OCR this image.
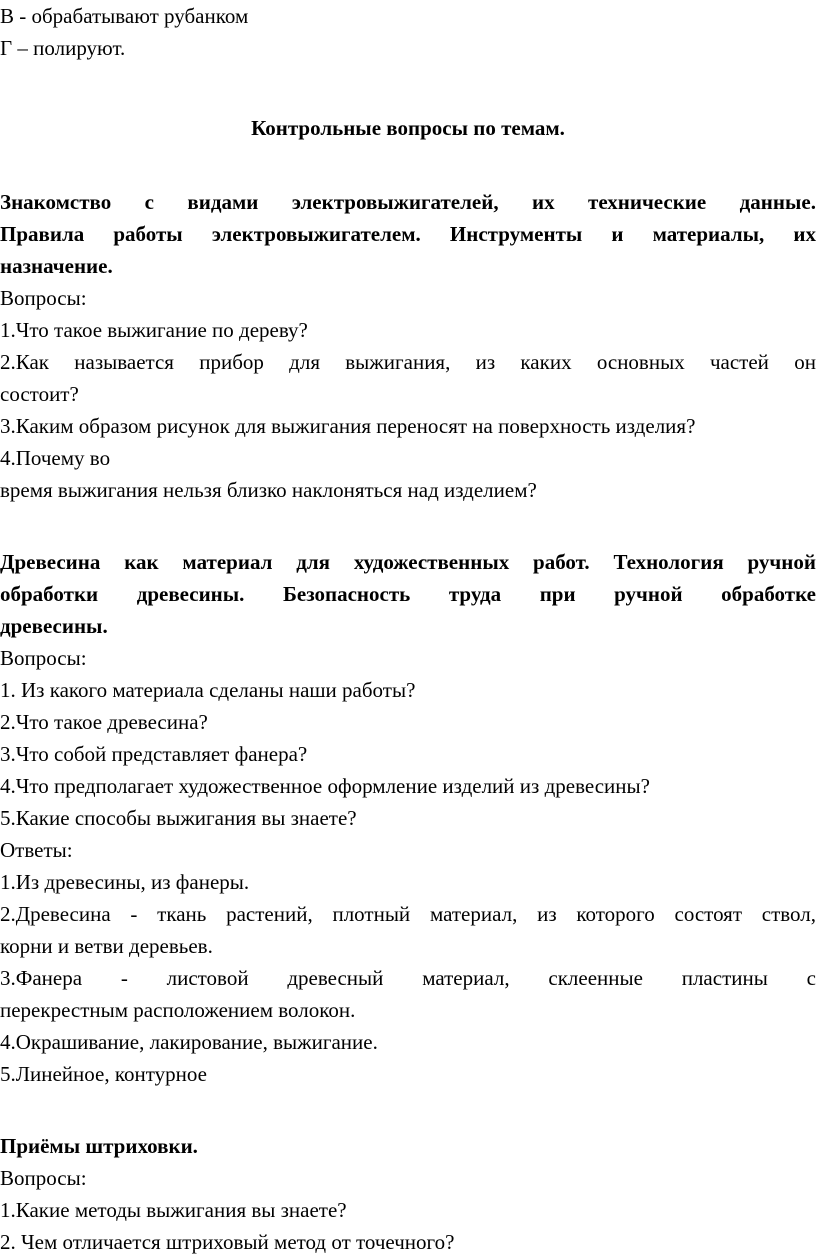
В - обрабатывают рубанком
Г – полируют.
Контрольные вопросы по темам.
Знакомство с видами электровыжигателей, их технические данные.
Правила работы электровыжигателем. Инструменты и материалы, их
назначение.
Вопросы:
1.Что такое выжигание по дереву?
2.Как называется прибор для выжигания, из каких основных частей он
состоит?
3.Каким образом рисунок для выжигания переносят на поверхность изделия?
4.Почему во
время выжигания нельзя близко наклоняться над изделием?
Древесина как материал для художественных работ. Технология ручной
обработки древесины. Безопасность труда при ручной обработке
древесины.
Вопросы:
1. Из какого материала сделаны наши работы?
2.Что такое древесина?
3.Что собой представляет фанера?
4.Что предполагает художественное оформление изделий из древесины?
5.Какие способы выжигания вы знаете?
Ответы:
1.Из древесины, из фанеры.
2.Древесина - ткань растений, плотный материал, из которого состоят ствол,
корни и ветви деревьев.
3.Фанера - листовой древесный материал, склеенные пластины с
перекрестным расположением волокон.
4.Окрашивание, лакирование, выжигание.
5.Линейное, контурное
Приёмы штриховки.
Вопросы:
1.Какие методы выжигания вы знаете?
2. Чем отличается штриховый метод от точечного?
